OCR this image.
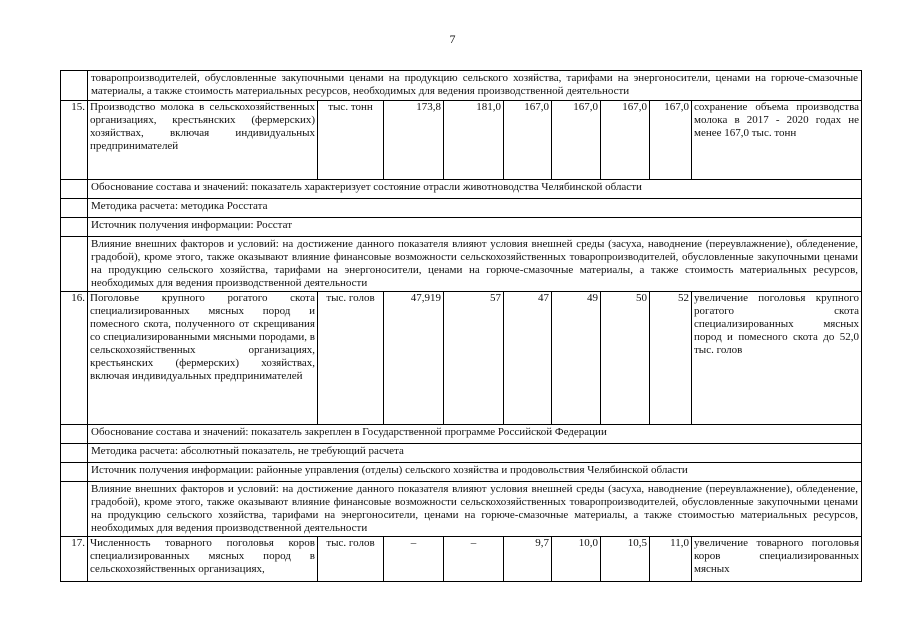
7
	товаропроизводителей, обусловленные закупочными ценами на продукцию сельского хозяйства, тарифами на энергоносители, ценами на горюче-смазочные материалы, а также стоимость материальных ресурсов, необходимых для ведения производственной деятельности								
15.	Производство молока в сельскохозяйственных организациях, крестьянских (фермерских) хозяйствах, включая индивидуальных предпринимателей	тыс. тонн	173,8	181,0	167,0	167,0	167,0	167,0	сохранение объема производства молока в 2017 - 2020 годах не менее 167,0 тыс. тонн
	Обоснование состава и значений: показатель характеризует состояние отрасли животноводства Челябинской области								
	Методика расчета: методика Росстата								
	Источник получения информации: Росстат								
	Влияние внешних факторов и условий: на достижение данного показателя влияют условия внешней среды (засуха, наводнение (переувлажнение), обледенение, градобой), кроме этого, также оказывают влияние финансовые возможности сельскохозяйственных товаропроизводителей, обусловленные закупочными ценами на продукцию сельского хозяйства, тарифами на энергоносители, ценами на горюче-смазочные материалы, а также стоимость материальных ресурсов, необходимых для ведения производственной деятельности								
16.	Поголовье крупного рогатого скота специализированных мясных пород и помесного скота, полученного от скрещивания со специализированными мясными породами, в сельскохозяйственных организациях, крестьянских (фермерских) хозяйствах, включая индивидуальных предпринимателей	тыс. голов	47,919	57	47	49	50	52	увеличение поголовья крупного рогатого скота специализированных мясных пород и помесного скота до 52,0 тыс. голов
	Обоснование состава и значений: показатель закреплен в Государственной программе Российской Федерации								
	Методика расчета: абсолютный показатель, не требующий расчета								
	Источник получения информации: районные управления (отделы) сельского хозяйства и продовольствия Челябинской области								
	Влияние внешних факторов и условий: на достижение данного показателя влияют условия внешней среды (засуха, наводнение (переувлажнение), обледенение, градобой), кроме этого, также оказывают влияние финансовые возможности сельскохозяйственных товаропроизводителей, обусловленные закупочными ценами на продукцию сельского хозяйства, тарифами на энергоносители, ценами на горюче-смазочные материалы, а также стоимостью материальных ресурсов, необходимых для ведения производственной деятельности								
17.	Численность товарного поголовья коров специализированных мясных пород в сельскохозяйственных организациях,	тыс. голов	–	–	9,7	10,0	10,5	11,0	увеличение товарного поголовья коров специализированных мясных
